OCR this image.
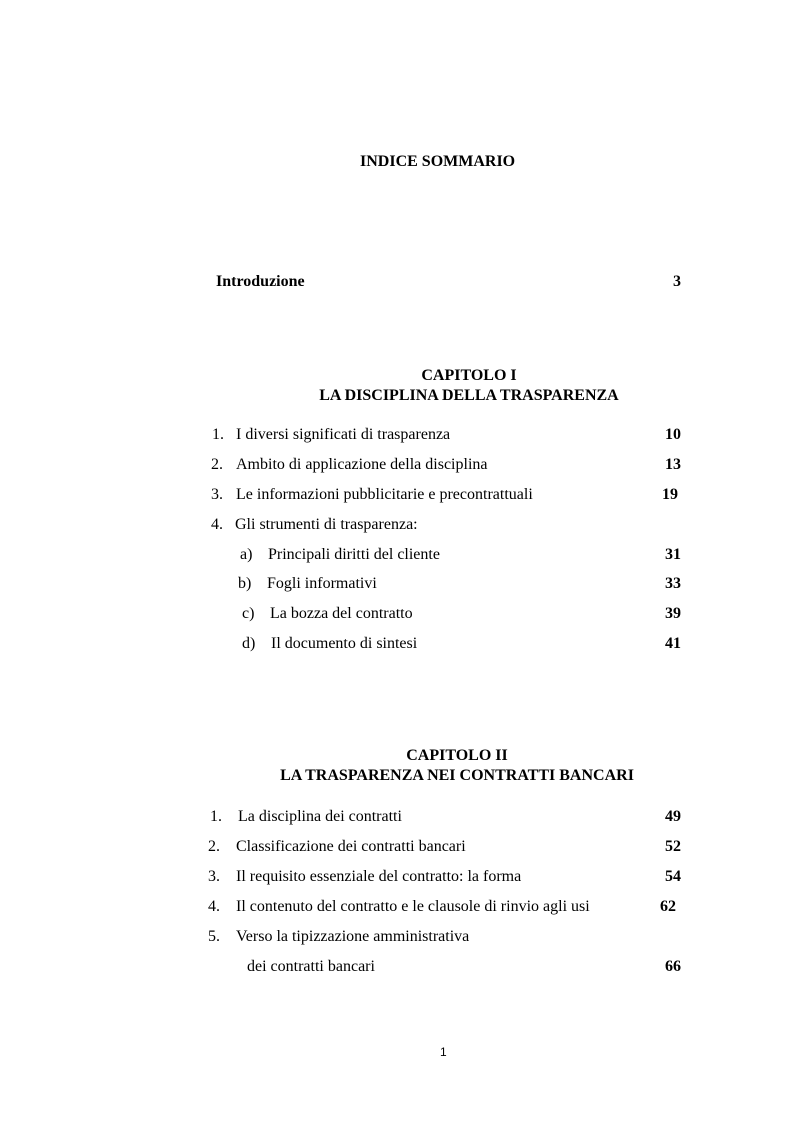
INDICE SOMMARIO
Introduzione	3
CAPITOLO I
LA DISCIPLINA DELLA TRASPARENZA
1. I diversi significati di trasparenza	10
2. Ambito di applicazione della disciplina	13
3. Le informazioni pubblicitarie e precontrattuali	19
4. Gli strumenti di trasparenza:
a) Principali diritti del cliente	31
b) Fogli informativi	33
c) La bozza del contratto	39
d) Il documento di sintesi	41
CAPITOLO II
LA TRASPARENZA NEI CONTRATTI BANCARI
1. La disciplina dei contratti	49
2. Classificazione dei contratti bancari	52
3. Il requisito essenziale del contratto: la forma	54
4. Il contenuto del contratto e le clausole di rinvio agli usi	62
5. Verso la tipizzazione amministrativa
dei contratti bancari	66
1
